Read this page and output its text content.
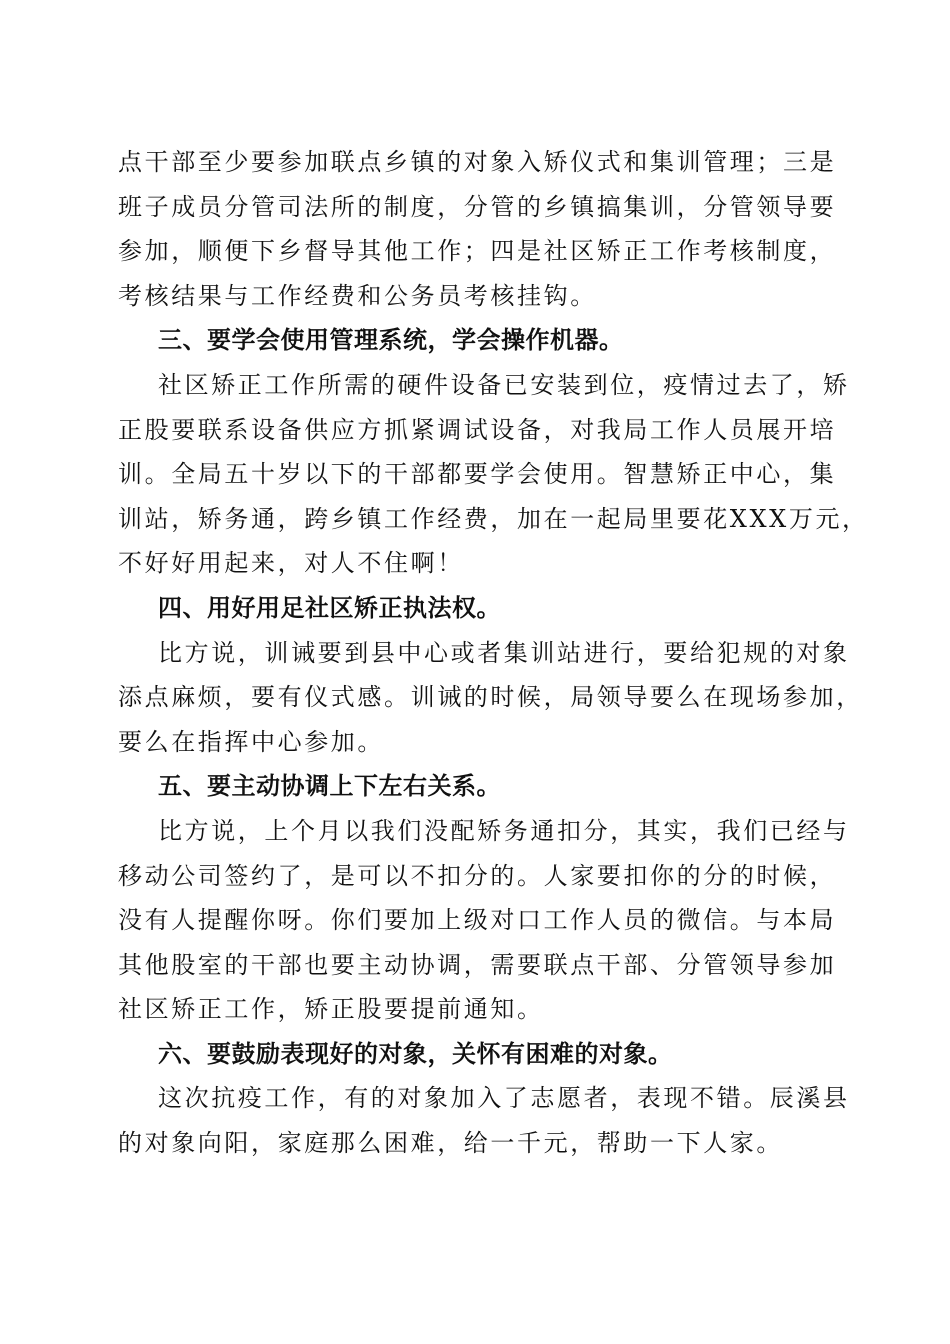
点干部至少要参加联点乡镇的对象入矫仪式和集训管理；三是
班子成员分管司法所的制度，分管的乡镇搞集训，分管领导要
参加，顺便下乡督导其他工作；四是社区矫正工作考核制度，
考核结果与工作经费和公务员考核挂钩。
三、要学会使用管理系统，学会操作机器。
社区矫正工作所需的硬件设备已安装到位，疫情过去了，矫
正股要联系设备供应方抓紧调试设备，对我局工作人员展开培
训。全局五十岁以下的干部都要学会使用。智慧矫正中心，集
训站，矫务通，跨乡镇工作经费，加在一起局里要花XXX万元，
不好好用起来，对人不住啊！
四、用好用足社区矫正执法权。
比方说，训诫要到县中心或者集训站进行，要给犯规的对象
添点麻烦，要有仪式感。训诫的时候，局领导要么在现场参加，
要么在指挥中心参加。
五、要主动协调上下左右关系。
比方说，上个月以我们没配矫务通扣分，其实，我们已经与
移动公司签约了，是可以不扣分的。人家要扣你的分的时候，
没有人提醒你呀。你们要加上级对口工作人员的微信。与本局
其他股室的干部也要主动协调，需要联点干部、分管领导参加
社区矫正工作，矫正股要提前通知。
六、要鼓励表现好的对象，关怀有困难的对象。
这次抗疫工作，有的对象加入了志愿者，表现不错。辰溪县
的对象向阳，家庭那么困难，给一千元，帮助一下人家。
